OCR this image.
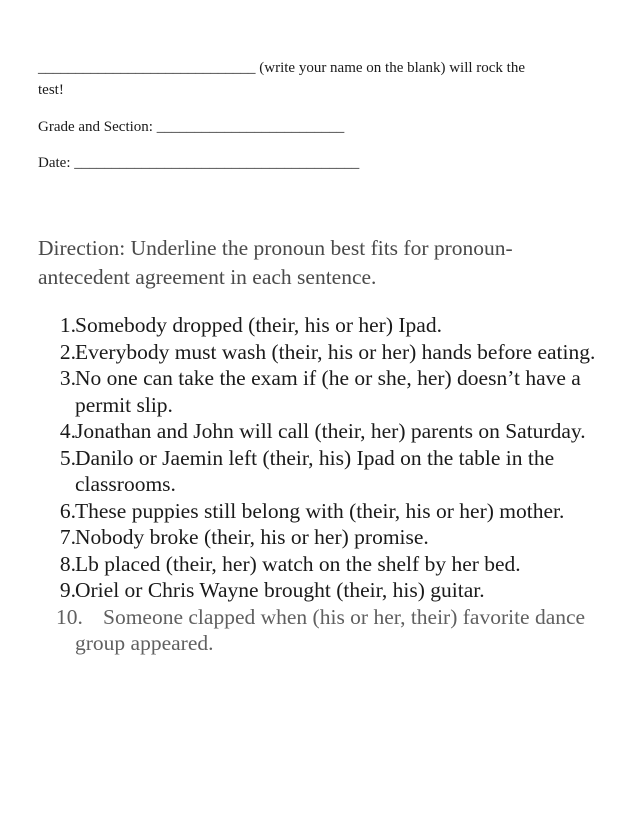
_____________________________ (write your name on the blank) will rock the
test!
Grade and Section: _________________________
Date: ______________________________________
Direction: Underline the pronoun best fits for pronoun-antecedent agreement in each sentence.
1. Somebody dropped (their, his or her) Ipad.
2. Everybody must wash (their, his or her) hands before eating.
3. No one can take the exam if (he or she, her) doesn’t have a permit slip.
4. Jonathan and John will call (their, her) parents on Saturday.
5. Danilo or Jaemin left (their, his) Ipad on the table in the classrooms.
6. These puppies still belong with (their, his or her) mother.
7. Nobody broke (their, his or her) promise.
8. Lb placed (their, her) watch on the shelf by her bed.
9. Oriel or Chris Wayne brought (their, his) guitar.
10. Someone clapped when (his or her, their) favorite dance group appeared.
